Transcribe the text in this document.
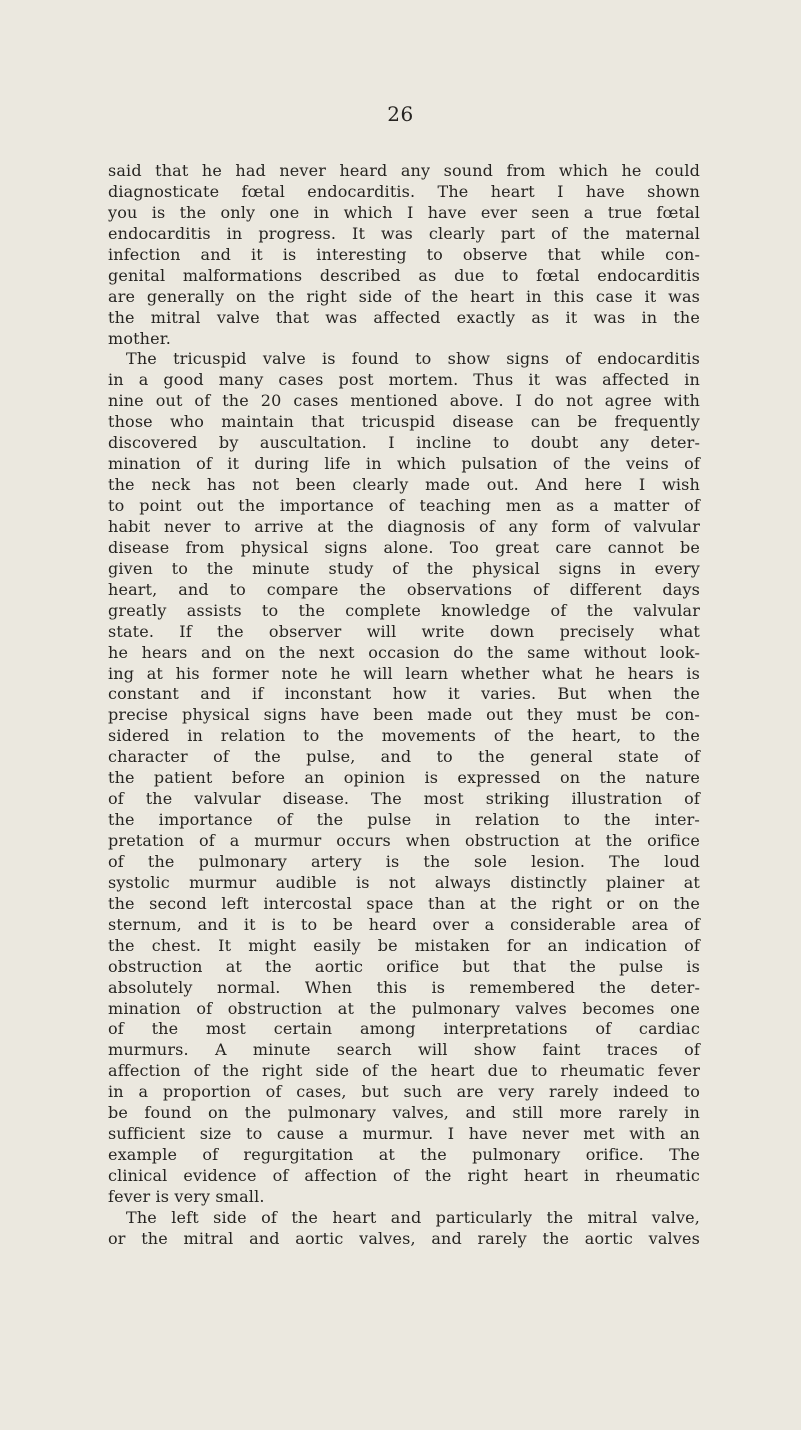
26
said that he had never heard any sound from which he could
diagnosticate fœtal endocarditis. The heart I have shown
you is the only one in which I have ever seen a true fœtal
endocarditis in progress. It was clearly part of the maternal
infection and it is interesting to observe that while con-
genital malformations described as due to fœtal endocarditis
are generally on the right side of the heart in this case it was
the mitral valve that was affected exactly as it was in the
mother.
The tricuspid valve is found to show signs of endocarditis
in a good many cases post mortem. Thus it was affected in
nine out of the 20 cases mentioned above. I do not agree with
those who maintain that tricuspid disease can be frequently
discovered by auscultation. I incline to doubt any deter-
mination of it during life in which pulsation of the veins of
the neck has not been clearly made out. And here I wish
to point out the importance of teaching men as a matter of
habit never to arrive at the diagnosis of any form of valvular
disease from physical signs alone. Too great care cannot be
given to the minute study of the physical signs in every
heart, and to compare the observations of different days
greatly assists to the complete knowledge of the valvular
state. If the observer will write down precisely what
he hears and on the next occasion do the same without look-
ing at his former note he will learn whether what he hears is
constant and if inconstant how it varies. But when the
precise physical signs have been made out they must be con-
sidered in relation to the movements of the heart, to the
character of the pulse, and to the general state of
the patient before an opinion is expressed on the nature
of the valvular disease. The most striking illustration of
the importance of the pulse in relation to the inter-
pretation of a murmur occurs when obstruction at the orifice
of the pulmonary artery is the sole lesion. The loud
systolic murmur audible is not always distinctly plainer at
the second left intercostal space than at the right or on the
sternum, and it is to be heard over a considerable area of
the chest. It might easily be mistaken for an indication of
obstruction at the aortic orifice but that the pulse is
absolutely normal. When this is remembered the deter-
mination of obstruction at the pulmonary valves becomes one
of the most certain among interpretations of cardiac
murmurs. A minute search will show faint traces of
affection of the right side of the heart due to rheumatic fever
in a proportion of cases, but such are very rarely indeed to
be found on the pulmonary valves, and still more rarely in
sufficient size to cause a murmur. I have never met with an
example of regurgitation at the pulmonary orifice. The
clinical evidence of affection of the right heart in rheumatic
fever is very small.
The left side of the heart and particularly the mitral valve,
or the mitral and aortic valves, and rarely the aortic valves
